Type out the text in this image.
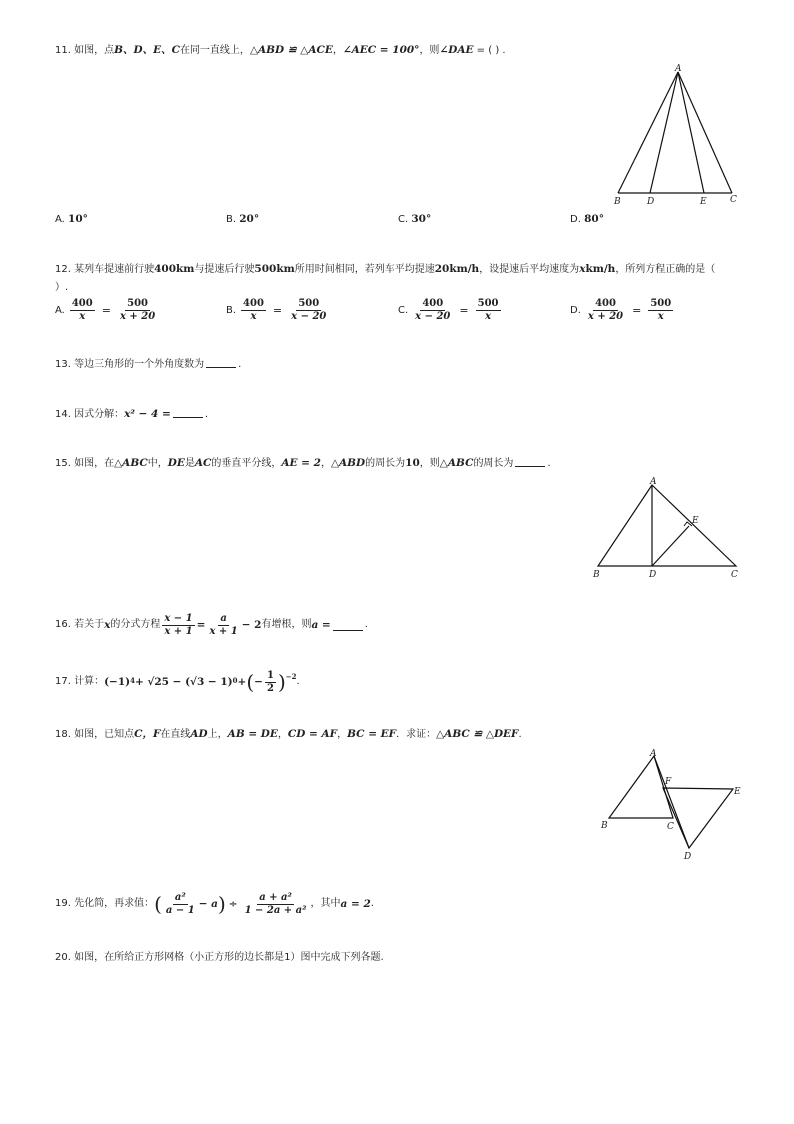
11. 如图，点B、D、E、C在同一直线上，△ABD ≌ △ACE，∠AEC = 100°，则∠DAE = ( ) .
A
B	D	E	C
A. 10°	B. 20°	C. 30°	D. 80°
12. 某列车提速前行驶400km与提速后行驶500km所用时间相同，若列车平均提速20km/h，设提速后平均速度为xkm/h，所列方程正确的是（
）.
A. $\frac{400}{x} = \frac{500}{x + 20}$	B. $\frac{400}{x} = \frac{500}{x - 20}$	C. $\frac{400}{x - 20} = \frac{500}{x}$	D. $\frac{400}{x + 20} = \frac{500}{x}$
13. 等边三角形的一个外角度数为	.
14. 因式分解：x² − 4 =	.
15. 如图，在△ABC中，DE是AC的垂直平分线，AE = 2，△ABD的周长为10，则△ABC的周长为	.
A
E
B	D	C
16.
若关于 x 的分式方程 $\frac{x - 1}{x + 1} = \frac{a}{x + 1} - 2$ 有增根，则 a =	.
17.
计算： (−1) 4 + √25 − (√3 − 1) 0 + ( − $\frac{1}{2} )^{-2}$ .
18. 如图，已知点C，F在直线AD上，AB = DE，CD = AF，BC = EF．求证：△ABC ≌ △DEF.
A
F
E
B	C
D
19.
先化简，再求值： ( $\frac{\text{a²}}{a - 1} - a$ ) ÷ $\frac{\text{a + a²}}{\text{1 − 2a + a²}}$ ，其中 a = 2 .
20. 如图，在所给正方形网格（小正方形的边长都是1）图中完成下列各题.
